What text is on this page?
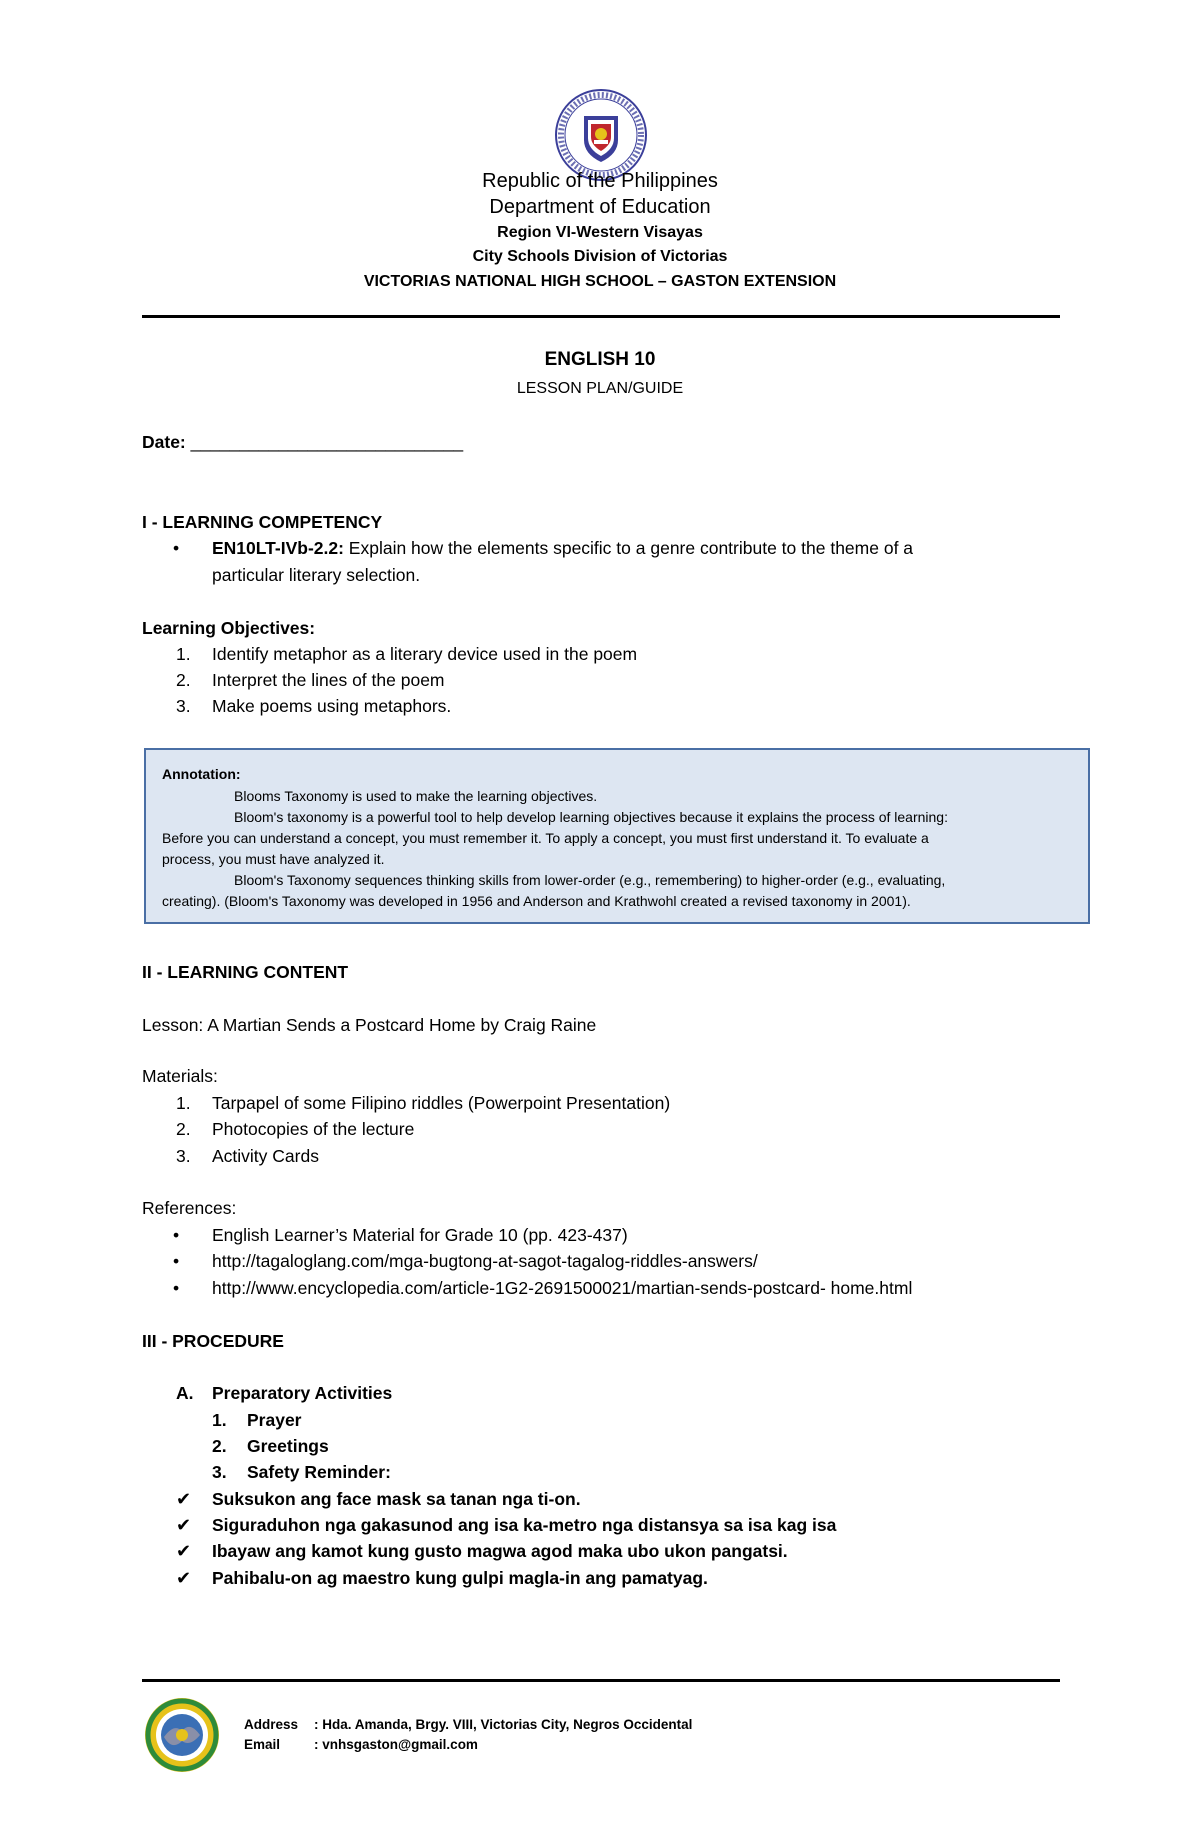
Republic of the Philippines
Department of Education
Region VI-Western Visayas
City Schools Division of Victorias
VICTORIAS NATIONAL HIGH SCHOOL – GASTON EXTENSION
ENGLISH 10
LESSON PLAN/GUIDE
Date: ____________________________
I - LEARNING COMPETENCY
• EN10LT-IVb-2.2: Explain how the elements specific to a genre contribute to the theme of a
particular literary selection.
Learning Objectives:
1. Identify metaphor as a literary device used in the poem
2. Interpret the lines of the poem
3. Make poems using metaphors.
Annotation:
Blooms Taxonomy is used to make the learning objectives.
Bloom's taxonomy is a powerful tool to help develop learning objectives because it explains the process of learning:
Before you can understand a concept, you must remember it. To apply a concept, you must first understand it. To evaluate a
process, you must have analyzed it.
Bloom's Taxonomy sequences thinking skills from lower-order (e.g., remembering) to higher-order (e.g., evaluating,
creating). (Bloom's Taxonomy was developed in 1956 and Anderson and Krathwohl created a revised taxonomy in 2001).
II - LEARNING CONTENT
Lesson: A Martian Sends a Postcard Home by Craig Raine
Materials:
1. Tarpapel of some Filipino riddles (Powerpoint Presentation)
2. Photocopies of the lecture
3. Activity Cards
References:
• English Learner’s Material for Grade 10 (pp. 423-437)
• http://tagaloglang.com/mga-bugtong-at-sagot-tagalog-riddles-answers/
• http://www.encyclopedia.com/article-1G2-2691500021/martian-sends-postcard- home.html
III - PROCEDURE
A. Preparatory Activities
1. Prayer
2. Greetings
3. Safety Reminder:
✔ Suksukon ang face mask sa tanan nga ti-on.
✔ Siguraduhon nga gakasunod ang isa ka-metro nga distansya sa isa kag isa
✔ Ibayaw ang kamot kung gusto magwa agod maka ubo ukon pangatsi.
✔ Pahibalu-on ag maestro kung gulpi magla-in ang pamatyag.
Address : Hda. Amanda, Brgy. VIII, Victorias City, Negros Occidental
Email	: vnhsgaston@gmail.com
